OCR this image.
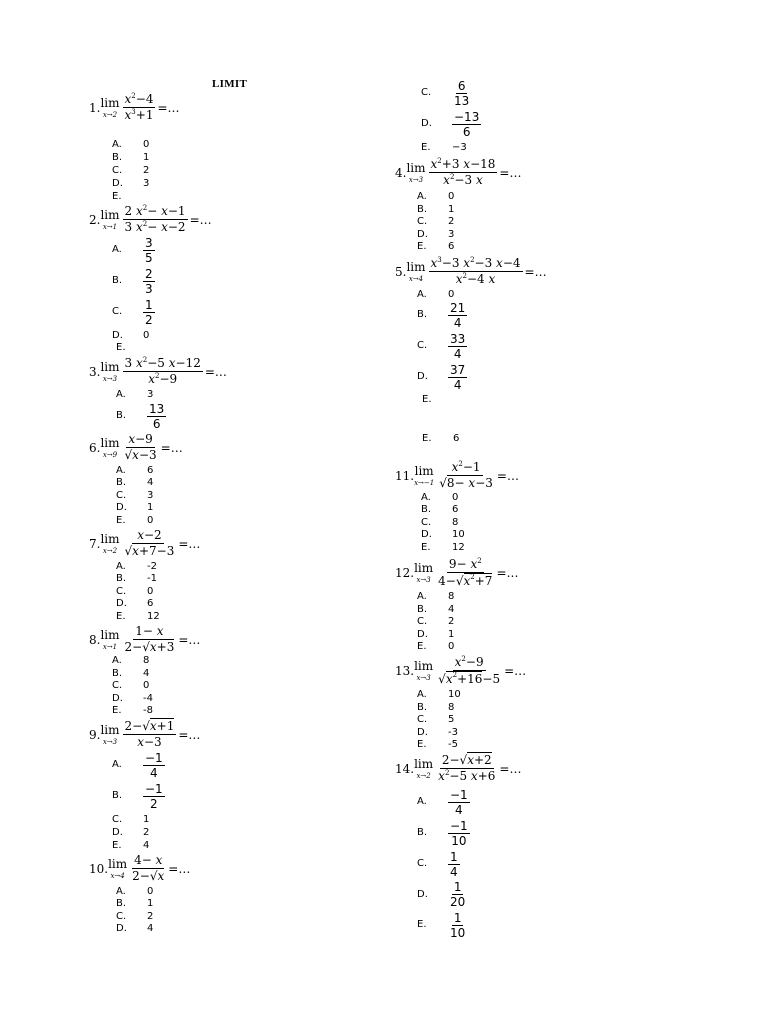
LIMIT
1. lim
$x\to 2 \frac{x^2-4}{x^3+1}$ =…
A.	0
B.	1
C.	2
D.	3
E.
2. lim
$x\to 1 \frac{2 x^2- x-1}{3 x^2- x-2}$ =…
A.	$\frac{3}{5}$
B.	$\frac{2}{3}$
C.	$\frac{1}{2}$
D.	0
E.
3. lim
$x\to 3 \frac{3 x^2-5 x-12}{x^2-9}$ =…
A.	3
B.	$\frac{13}{6}$
6. lim
$x\to 9 \frac{x-9}{√x-3}$ =…
A.	6
B.	4
C.	3
D.	1
E.	0
7. lim
$x\to 2 \frac{x-2}{√x+7-3}$ =…
A.	-2
B.	-1
C.	0
D.	6
E.	12
8. lim
$x\to 1 \frac{1- x}{2-√x+3}$ =…
A.	8
B.	4
C.	0
D.	-4
E.	-8
9. lim
$x\to 3 \frac{2-√x+1}{x-3}$ =…
A.	$\frac{-1}{4}$
B.	$\frac{-1}{2}$
C.	1
D.	2
E.	4
10. lim
$x\to 4 \frac{4- x}{2-√x}$ =…
A.	0
B.	1
C.	2
D.	4
C.	$\frac{6}{13}$
D.	$\frac{-13}{6}$
E.	−3
4. lim
$x\to 3 \frac{x^2+3 x-18}{x^2-3 x}$ =…
A.	0
B.	1
C.	2
D.	3
E.	6
5. lim
$x\to 4 \frac{x^3-3 x^2-3 x-4}{x^2-4 x}$ =…
A.	0
B.	$\frac{21}{4}$
C.	$\frac{33}{4}$
D.	$\frac{37}{4}$
E.
E.	6
11. lim
$x\to-1 \frac{x^2-1}{√8- x-3}$ =…
A.	0
B.	6
C.	8
D.	10
E.	12
12. lim
$x\to 3 \frac{9- x^2}{4-√x^2+7}$ =…
A.	8
B.	4
C.	2
D.	1
E.	0
13. lim
$x\to 3 \frac{x^2-9}{√x^2+16-5}$ =…
A.	10
B.	8
C.	5
D.	-3
E.	-5
14. lim
$x\to 2 \frac{2-√x+2}{x^2-5 x+6}$ =…
A.	$\frac{-1}{4}$
B.	$\frac{-1}{10}$
C.	$\frac{1}{4}$
D.	$\frac{1}{20}$
E.	$\frac{1}{10}$
